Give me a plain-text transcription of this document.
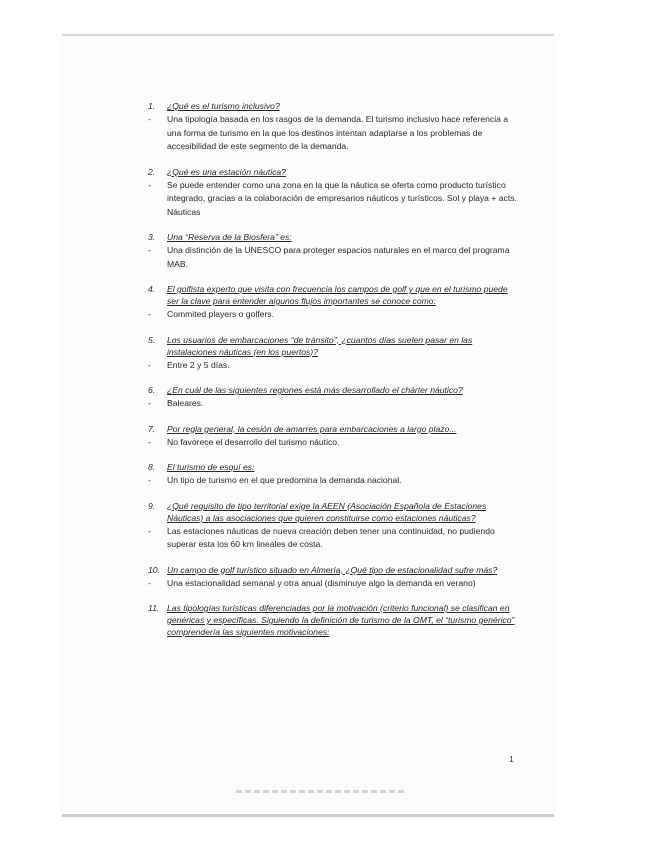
1.	¿Qué es el turismo inclusivo?
-	Una tipología basada en los rasgos de la demanda. El turismo inclusivo hace referencia a una forma de turismo en la que los destinos intentan adaptarse a los problemas de accesibilidad de este segmento de la demanda.
2.	¿Qué es una estación náutica?
-	Se puede entender como una zona en la que la náutica se oferta como producto turístico integrado, gracias a la colaboración de empresarios náuticos y turísticos. Sol y playa + acts. Náuticas
3.	Una “Reserva de la Biosfera” es:
-	Una distinción de la UNESCO para proteger espacios naturales en el marco del programa MAB.
4.	El golfista experto que visita con frecuencia los campos de golf y que en el turismo puede ser la clave para entender algunos flujos importantes se conoce como:
-	Commited players o golfers.
5.	Los usuarios de embarcaciones “de tránsito”, ¿cuantos días suelen pasar en las instalaciones náuticas (en los puertos)?
-	Entre 2 y 5 días.
6.	¿En cuál de las siguientes regiones está más desarrollado el chárter náutico?
-	Baleares.
7.	Por regla general, la cesión de amarres para embarcaciones a largo plazo...
-	No favorece el desarrollo del turismo náutico.
8.	El turismo de esquí es:
-	Un tipo de turismo en el que predomina la demanda nacional.
9.	¿Qué requisito de tipo territorial exige la AEEN (Asociación Española de Estaciones Náuticas) a las asociaciones que quieren constituirse como estaciones náuticas?
-	Las estaciones náuticas de nueva creación deben tener una continuidad, no pudiendo superar esta los 60 km lineales de costa.
10. Un campo de golf turístico situado en Almería, ¿Qué tipo de estacionalidad sufre más?
-	Una estacionalidad semanal y otra anual (disminuye algo la demanda en verano)
11. Las tipologías turísticas diferenciadas por la motivación (criterio funcional) se clasifican en genéricas y específicas. Siguiendo la definición de turismo de la OMT, el “turismo genérico” comprendería las siguientes motivaciones:
1
